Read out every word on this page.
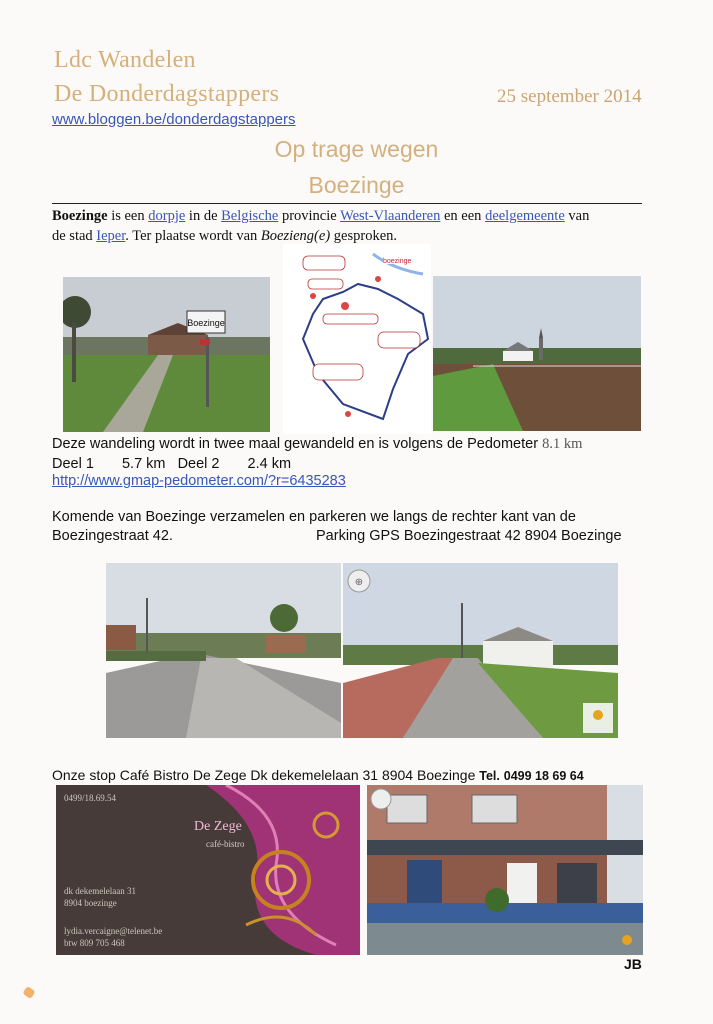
Ldc Wandelen
De Donderdagstappers	25 september 2014
www.bloggen.be/donderdagstappers
Op trage wegen
Boezinge
Boezinge is een dorpje in de Belgische provincie West-Vlaanderen en een deelgemeente van
de stad Ieper. Ter plaatse wordt van Boezieng(e) gesproken.
Boezinge
boezinge
Deze wandeling wordt in twee maal gewandeld en is volgens de Pedometer 8.1 km
Deel 1 5.7 km Deel 2 2.4 km
http://www.gmap-pedometer.com/?r=6435283
Komende van Boezinge verzamelen en parkeren we langs de rechter kant van de
Boezingestraat 42.	Parking GPS Boezingestraat 42 8904 Boezinge
⊕
Onze stop Café Bistro De Zege Dk dekemelelaan 31 8904 Boezinge Tel. 0499 18 69 64
0499/18.69.54
De Zege
café-bistro
dk dekemelelaan 31
8904 boezinge
lydia.vercaigne@telenet.be
btw 809 705 468
JB
